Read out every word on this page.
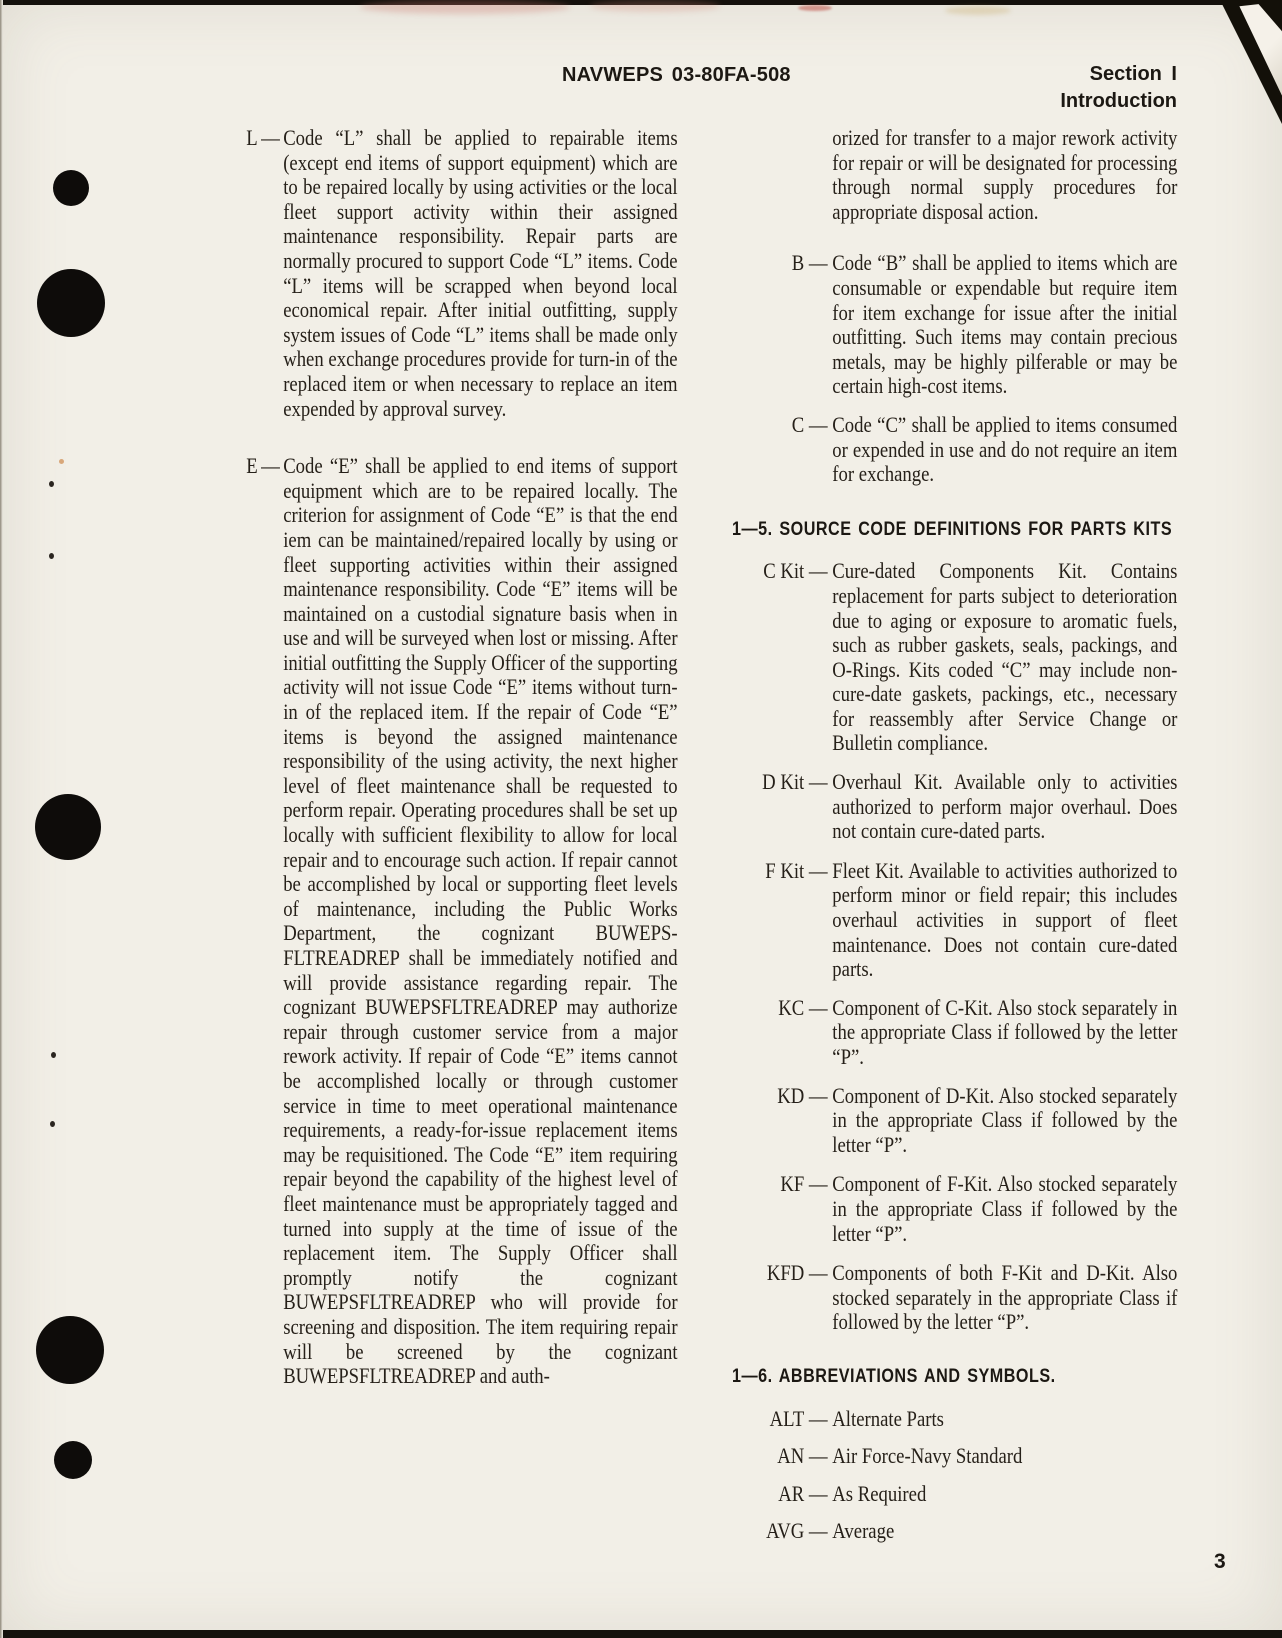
NAVWEPS 03-80FA-508	Section I
Introduction
L — Code “L” shall be applied to repairable items (except end items of support equipment) which are to be repaired locally by using activities or the local fleet support activity within their assigned maintenance responsibility. Repair parts are normally procured to support Code “L” items. Code “L” items will be scrapped when beyond local economical repair. After initial outfitting, supply system issues of Code “L” items shall be made only when exchange procedures provide for turn-in of the replaced item or when necessary to replace an item expended by approval survey.
E — Code “E” shall be applied to end items of support equipment which are to be repaired locally. The criterion for assignment of Code “E” is that the end iem can be maintained/repaired locally by using or fleet supporting activities within their assigned maintenance responsibility. Code “E” items will be maintained on a custodial signature basis when in use and will be surveyed when lost or missing. After initial outfitting the Supply Officer of the supporting activity will not issue Code “E” items without turn-in of the replaced item. If the repair of Code “E” items is beyond the assigned maintenance responsibility of the using activity, the next higher level of fleet maintenance shall be requested to perform repair. Operating procedures shall be set up locally with sufficient flexibility to allow for local repair and to encourage such action. If repair cannot be accomplished by local or supporting fleet levels of maintenance, including the Public Works Department, the cognizant BUWEPS-FLTREADREP shall be immediately notified and will provide assistance regarding repair. The cognizant BUWEPSFLTREADREP may authorize repair through customer service from a major rework activity. If repair of Code “E” items cannot be accomplished locally or through customer service in time to meet operational maintenance requirements, a ready-for-issue replacement items may be requisitioned. The Code “E” item requiring repair beyond the capability of the highest level of fleet maintenance must be appropriately tagged and turned into supply at the time of issue of the replacement item. The Supply Officer shall promptly notify the cognizant BUWEPSFLTREADREP who will provide for screening and disposition. The item requiring repair will be screened by the cognizant BUWEPSFLTREADREP and auth-
orized for transfer to a major rework activity for repair or will be designated for processing through normal supply procedures for appropriate disposal action.
B — Code “B” shall be applied to items which are consumable or expendable but require item for item exchange for issue after the initial outfitting. Such items may contain precious metals, may be highly pilferable or may be certain high-cost items.
C — Code “C” shall be applied to items consumed or expended in use and do not require an item for exchange.
1—5. SOURCE CODE DEFINITIONS FOR PARTS KITS
C Kit — Cure-dated Components Kit. Contains replacement for parts subject to deterioration due to aging or exposure to aromatic fuels, such as rubber gaskets, seals, packings, and O-Rings. Kits coded “C” may include non-cure-date gaskets, packings, etc., necessary for reassembly after Service Change or Bulletin compliance.
D Kit — Overhaul Kit. Available only to activities authorized to perform major overhaul. Does not contain cure-dated parts.
F Kit — Fleet Kit. Available to activities authorized to perform minor or field repair; this includes overhaul activities in support of fleet maintenance. Does not contain cure-dated parts.
KC — Component of C-Kit. Also stock separately in the appropriate Class if followed by the letter “P”.
KD — Component of D-Kit. Also stocked separately in the appropriate Class if followed by the letter “P”.
KF — Component of F-Kit. Also stocked separately in the appropriate Class if followed by the letter “P”.
KFD — Components of both F-Kit and D-Kit. Also stocked separately in the appropriate Class if followed by the letter “P”.
1—6. ABBREVIATIONS AND SYMBOLS.
ALT — Alternate Parts
AN — Air Force-Navy Standard
AR — As Required
AVG — Average
3
